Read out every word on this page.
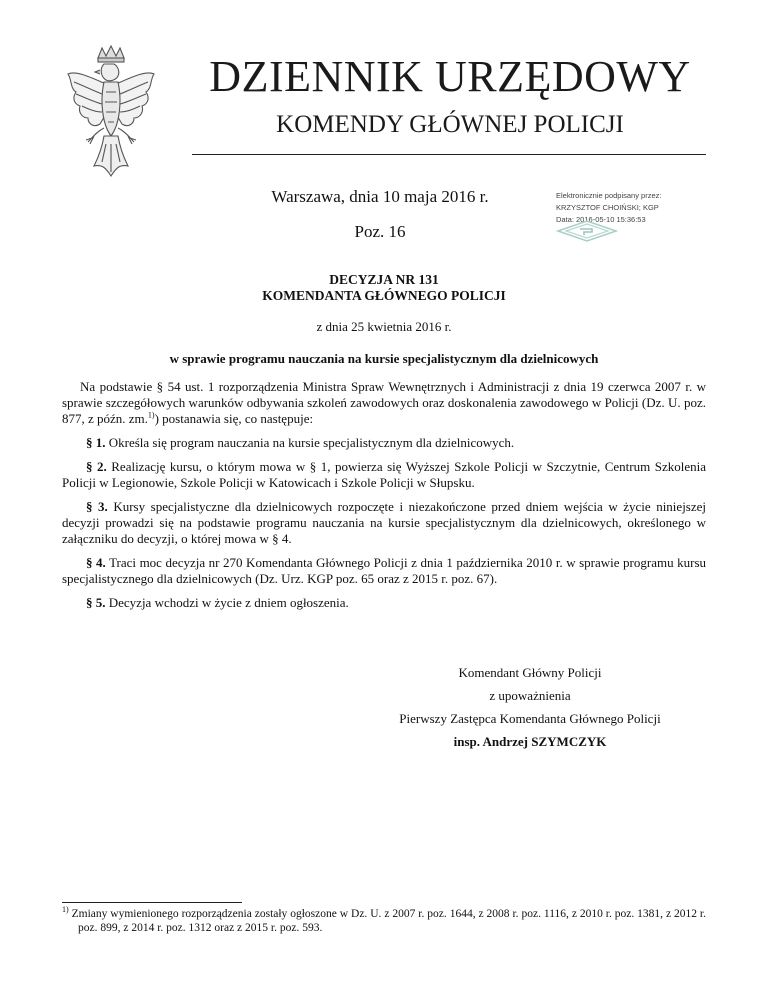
DZIENNIK URZĘDOWY
KOMENDY GŁÓWNEJ POLICJI
Warszawa, dnia 10 maja 2016 r.
Poz. 16
Elektronicznie podpisany przez:
KRZYSZTOF CHOIŃSKI; KGP
Data: 2016-05-10 15:36:53
DECYZJA NR 131
KOMENDANTA GŁÓWNEGO POLICJI
z dnia 25 kwietnia 2016 r.
w sprawie programu nauczania na kursie specjalistycznym dla dzielnicowych

Na podstawie § 54 ust. 1 rozporządzenia Ministra Spraw Wewnętrznych i Administracji z dnia 19 czerwca 2007 r. w sprawie szczegółowych warunków odbywania szkoleń zawodowych oraz doskonalenia zawodowego w Policji (Dz. U. poz. 877, z późn. zm.$^{1)}$) postanawia się, co następuje:

§ 1. Określa się program nauczania na kursie specjalistycznym dla dzielnicowych.

§ 2. Realizację kursu, o którym mowa w § 1, powierza się Wyższej Szkole Policji w Szczytnie, Centrum Szkolenia Policji w Legionowie, Szkole Policji w Katowicach i Szkole Policji w Słupsku.

§ 3. Kursy specjalistyczne dla dzielnicowych rozpoczęte i niezakończone przed dniem wejścia w życie niniejszej decyzji prowadzi się na podstawie programu nauczania na kursie specjalistycznym dla dzielnicowych, określonego w załączniku do decyzji, o której mowa w § 4.

§ 4. Traci moc decyzja nr 270 Komendanta Głównego Policji z dnia 1 października 2010 r. w sprawie programu kursu specjalistycznego dla dzielnicowych (Dz. Urz. KGP poz. 65 oraz z 2015 r. poz. 67).

§ 5. Decyzja wchodzi w życie z dniem ogłoszenia.

Komendant Główny Policji
z upoważnienia
Pierwszy Zastępca Komendanta Głównego Policji
insp. Andrzej SZYMCZYK
$^{1)}$ Zmiany wymienionego rozporządzenia zostały ogłoszone w Dz. U. z 2007 r. poz. 1644, z 2008 r. poz. 1116, z 2010 r. poz. 1381, z 2012 r. poz. 899, z 2014 r. poz. 1312 oraz z 2015 r. poz. 593.
